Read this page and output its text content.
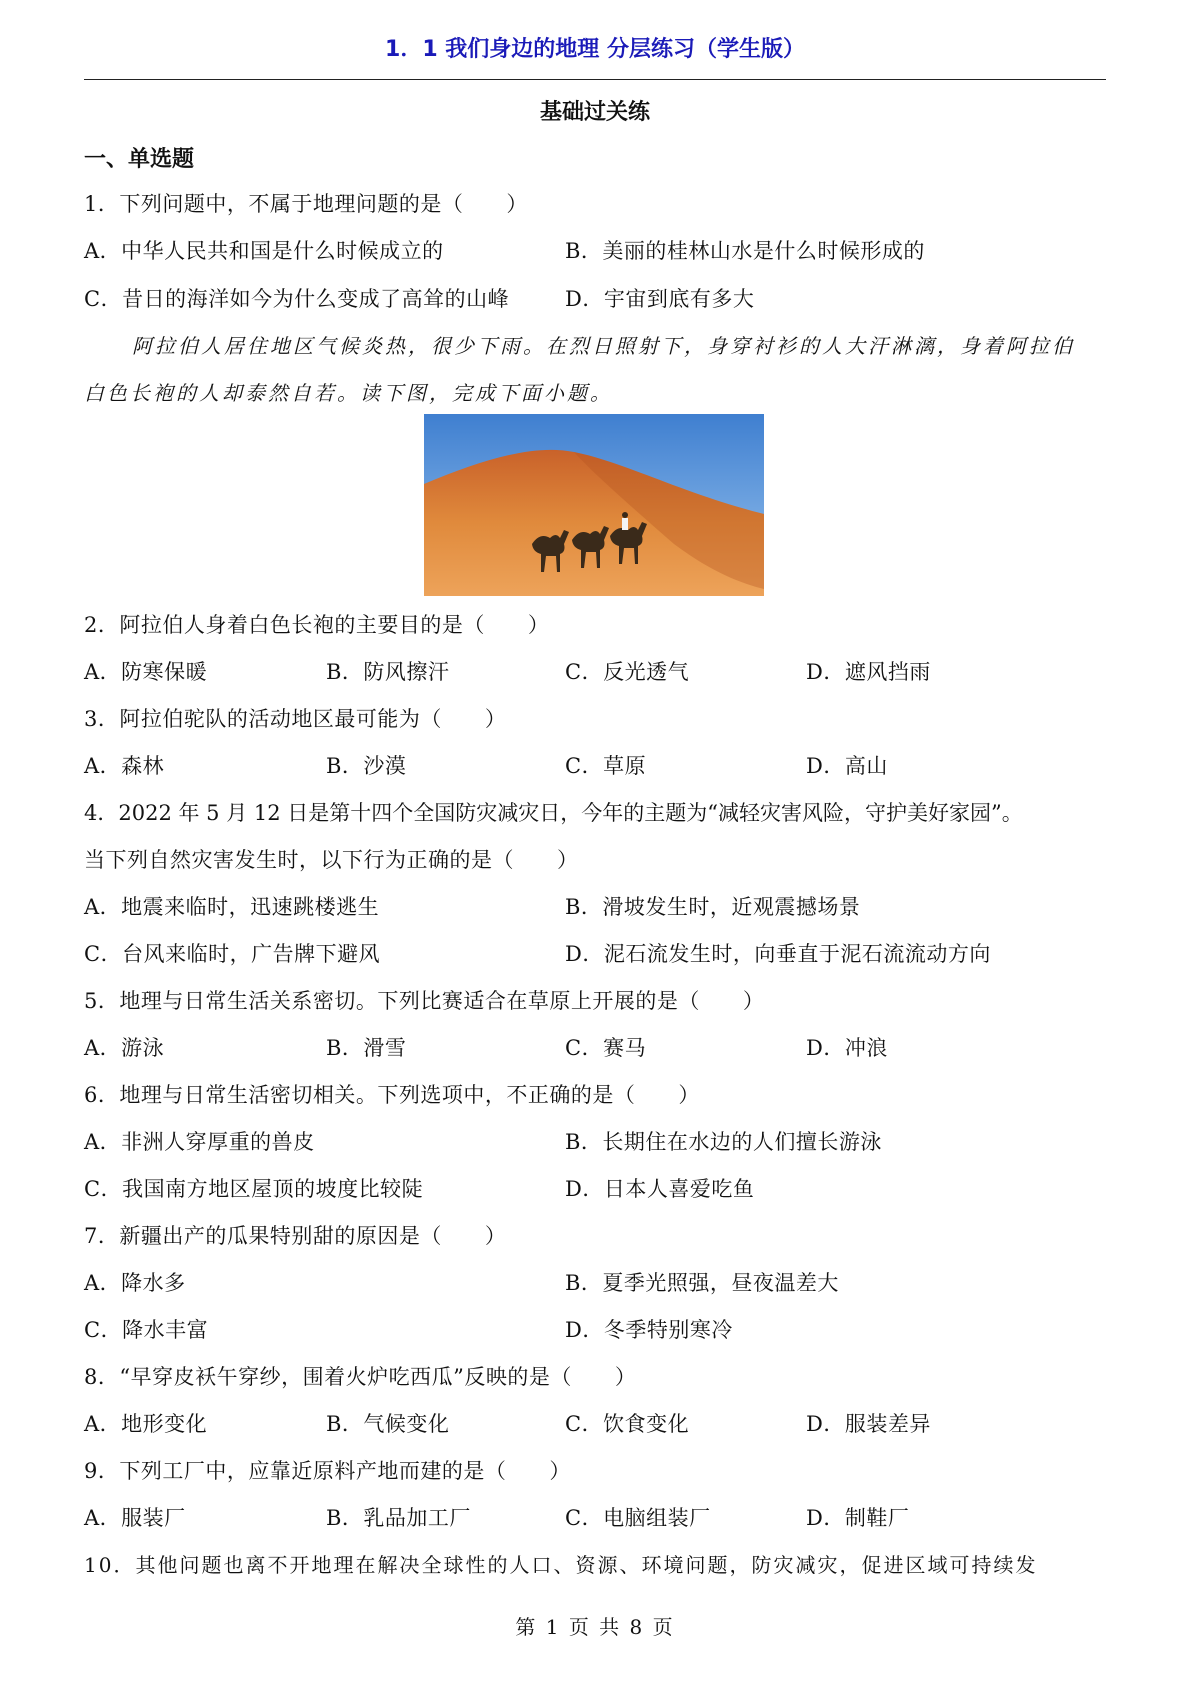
1．1 我们身边的地理 分层练习（学生版）
基础过关练
一、单选题
1．下列问题中，不属于地理问题的是（　　）
A．中华人民共和国是什么时候成立的	B．美丽的桂林山水是什么时候形成的
C．昔日的海洋如今为什么变成了高耸的山峰	D．宇宙到底有多大
阿拉伯人居住地区气候炎热，很少下雨。在烈日照射下，身穿衬衫的人大汗淋漓，身着阿拉伯
白色长袍的人却泰然自若。读下图，完成下面小题。
2．阿拉伯人身着白色长袍的主要目的是（　　）
A．防寒保暖	B．防风擦汗	C．反光透气	D．遮风挡雨
3．阿拉伯驼队的活动地区最可能为（　　）
A．森林	B．沙漠	C．草原	D．高山
4．2022 年 5 月 12 日是第十四个全国防灾减灾日，今年的主题为“减轻灾害风险，守护美好家园”。
当下列自然灾害发生时，以下行为正确的是（　　）
A．地震来临时，迅速跳楼逃生	B．滑坡发生时，近观震撼场景
C．台风来临时，广告牌下避风	D．泥石流发生时，向垂直于泥石流流动方向
5．地理与日常生活关系密切。下列比赛适合在草原上开展的是（　　）
A．游泳	B．滑雪	C．赛马	D．冲浪
6．地理与日常生活密切相关。下列选项中，不正确的是（　　）
A．非洲人穿厚重的兽皮	B．长期住在水边的人们擅长游泳
C．我国南方地区屋顶的坡度比较陡	D．日本人喜爱吃鱼
7．新疆出产的瓜果特别甜的原因是（　　）
A．降水多	B．夏季光照强，昼夜温差大
C．降水丰富	D．冬季特别寒冷
8．“早穿皮袄午穿纱，围着火炉吃西瓜”反映的是（　　）
A．地形变化	B．气候变化	C．饮食变化	D．服装差异
9．下列工厂中，应靠近原料产地而建的是（　　）
A．服装厂	B．乳品加工厂	C．电脑组装厂	D．制鞋厂
10．其他问题也离不开地理在解决全球性的人口、资源、环境问题，防灾减灾，促进区域可持续发
第 1 页 共 8 页
